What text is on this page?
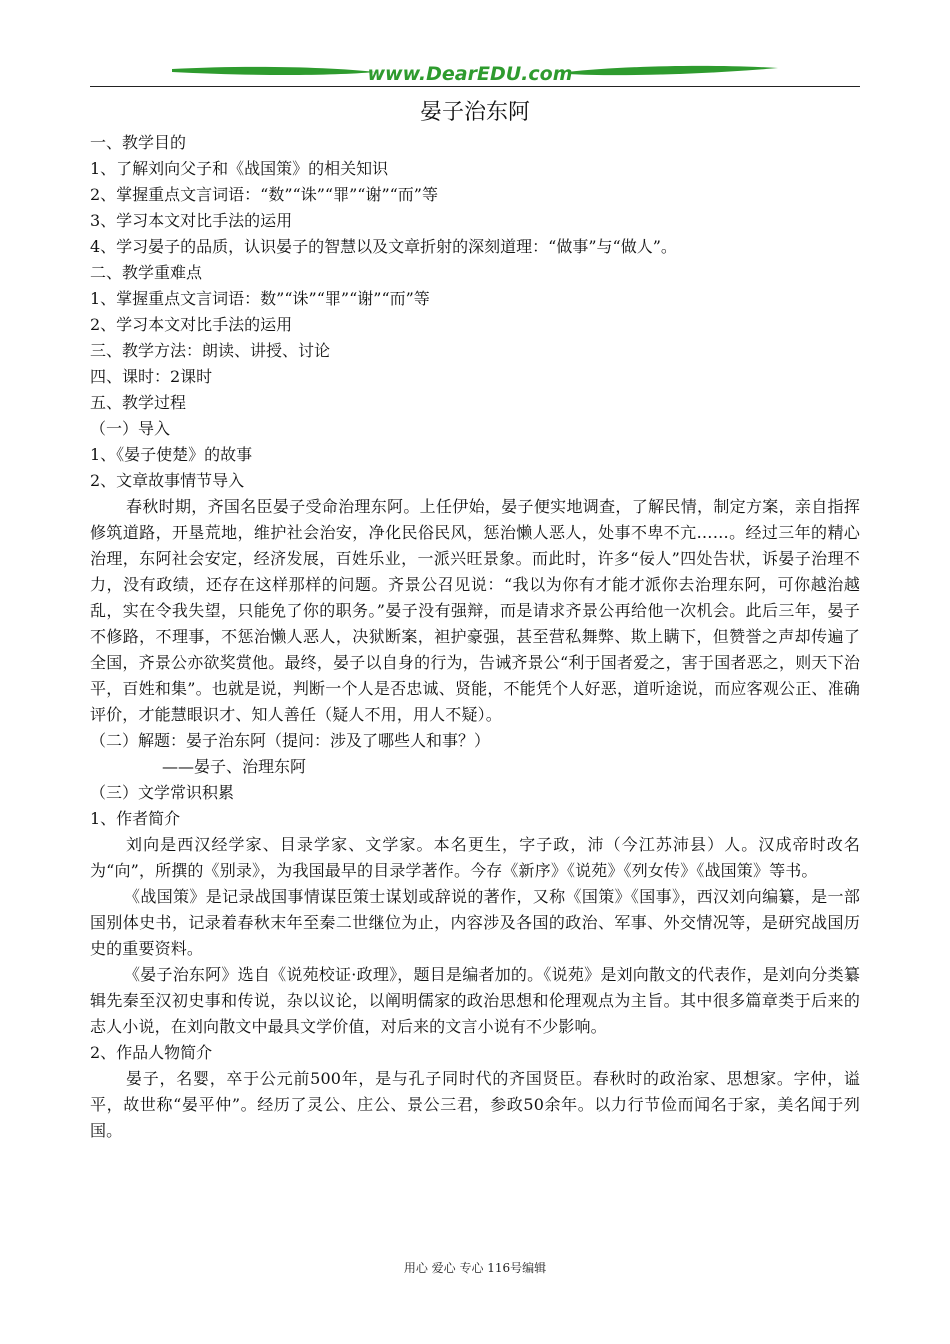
www.DearEDU.com
晏子治东阿

一、教学目的

1、了解刘向父子和《战国策》的相关知识

2、掌握重点文言词语：“数”“诛”“罪”“谢”“而”等

3、学习本文对比手法的运用

4、学习晏子的品质，认识晏子的智慧以及文章折射的深刻道理：“做事”与“做人”。

二、教学重难点

1、掌握重点文言词语：数”“诛”“罪”“谢”“而”等

2、学习本文对比手法的运用

三、教学方法：朗读、讲授、讨论

四、课时：2课时

五、教学过程

（一）导入

1、《晏子使楚》的故事

2、文章故事情节导入

春秋时期，齐国名臣晏子受命治理东阿。上任伊始，晏子便实地调查，了解民情，制定方案，亲自指挥修筑道路，开垦荒地，维护社会治安，净化民俗民风，惩治懒人恶人，处事不卑不亢……。经过三年的精心治理，东阿社会安定，经济发展，百姓乐业，一派兴旺景象。而此时，许多“佞人”四处告状，诉晏子治理不力，没有政绩，还存在这样那样的问题。齐景公召见说：“我以为你有才能才派你去治理东阿，可你越治越乱，实在令我失望，只能免了你的职务。”晏子没有强辩，而是请求齐景公再给他一次机会。此后三年，晏子不修路，不理事，不惩治懒人恶人，决狱断案，袒护豪强，甚至营私舞弊、欺上瞒下，但赞誉之声却传遍了全国，齐景公亦欲奖赏他。最终，晏子以自身的行为，告诫齐景公“利于国者爱之，害于国者恶之，则天下治平，百姓和集”。也就是说，判断一个人是否忠诚、贤能，不能凭个人好恶，道听途说，而应客观公正、准确评价，才能慧眼识才、知人善任（疑人不用，用人不疑）。

（二）解题：晏子治东阿（提问：涉及了哪些人和事？）

——晏子、治理东阿

（三）文学常识积累

1、作者简介

刘向是西汉经学家、目录学家、文学家。本名更生，字子政，沛（今江苏沛县）人。汉成帝时改名为“向”，所撰的《别录》，为我国最早的目录学著作。今存《新序》《说苑》《列女传》《战国策》等书。

《战国策》是记录战国事情谋臣策士谋划或辞说的著作，又称《国策》《国事》，西汉刘向编纂，是一部国别体史书，记录着春秋末年至秦二世继位为止，内容涉及各国的政治、军事、外交情况等，是研究战国历史的重要资料。

《晏子治东阿》选自《说苑校证·政理》，题目是编者加的。《说苑》是刘向散文的代表作，是刘向分类纂辑先秦至汉初史事和传说，杂以议论，以阐明儒家的政治思想和伦理观点为主旨。其中很多篇章类于后来的志人小说，在刘向散文中最具文学价值，对后来的文言小说有不少影响。

2、作品人物简介

晏子，名婴，卒于公元前500年，是与孔子同时代的齐国贤臣。春秋时的政治家、思想家。字仲，谥平，故世称“晏平仲”。经历了灵公、庄公、景公三君，参政50余年。以力行节俭而闻名于家，美名闻于列国。

用心 爱心 专心 116号编辑
